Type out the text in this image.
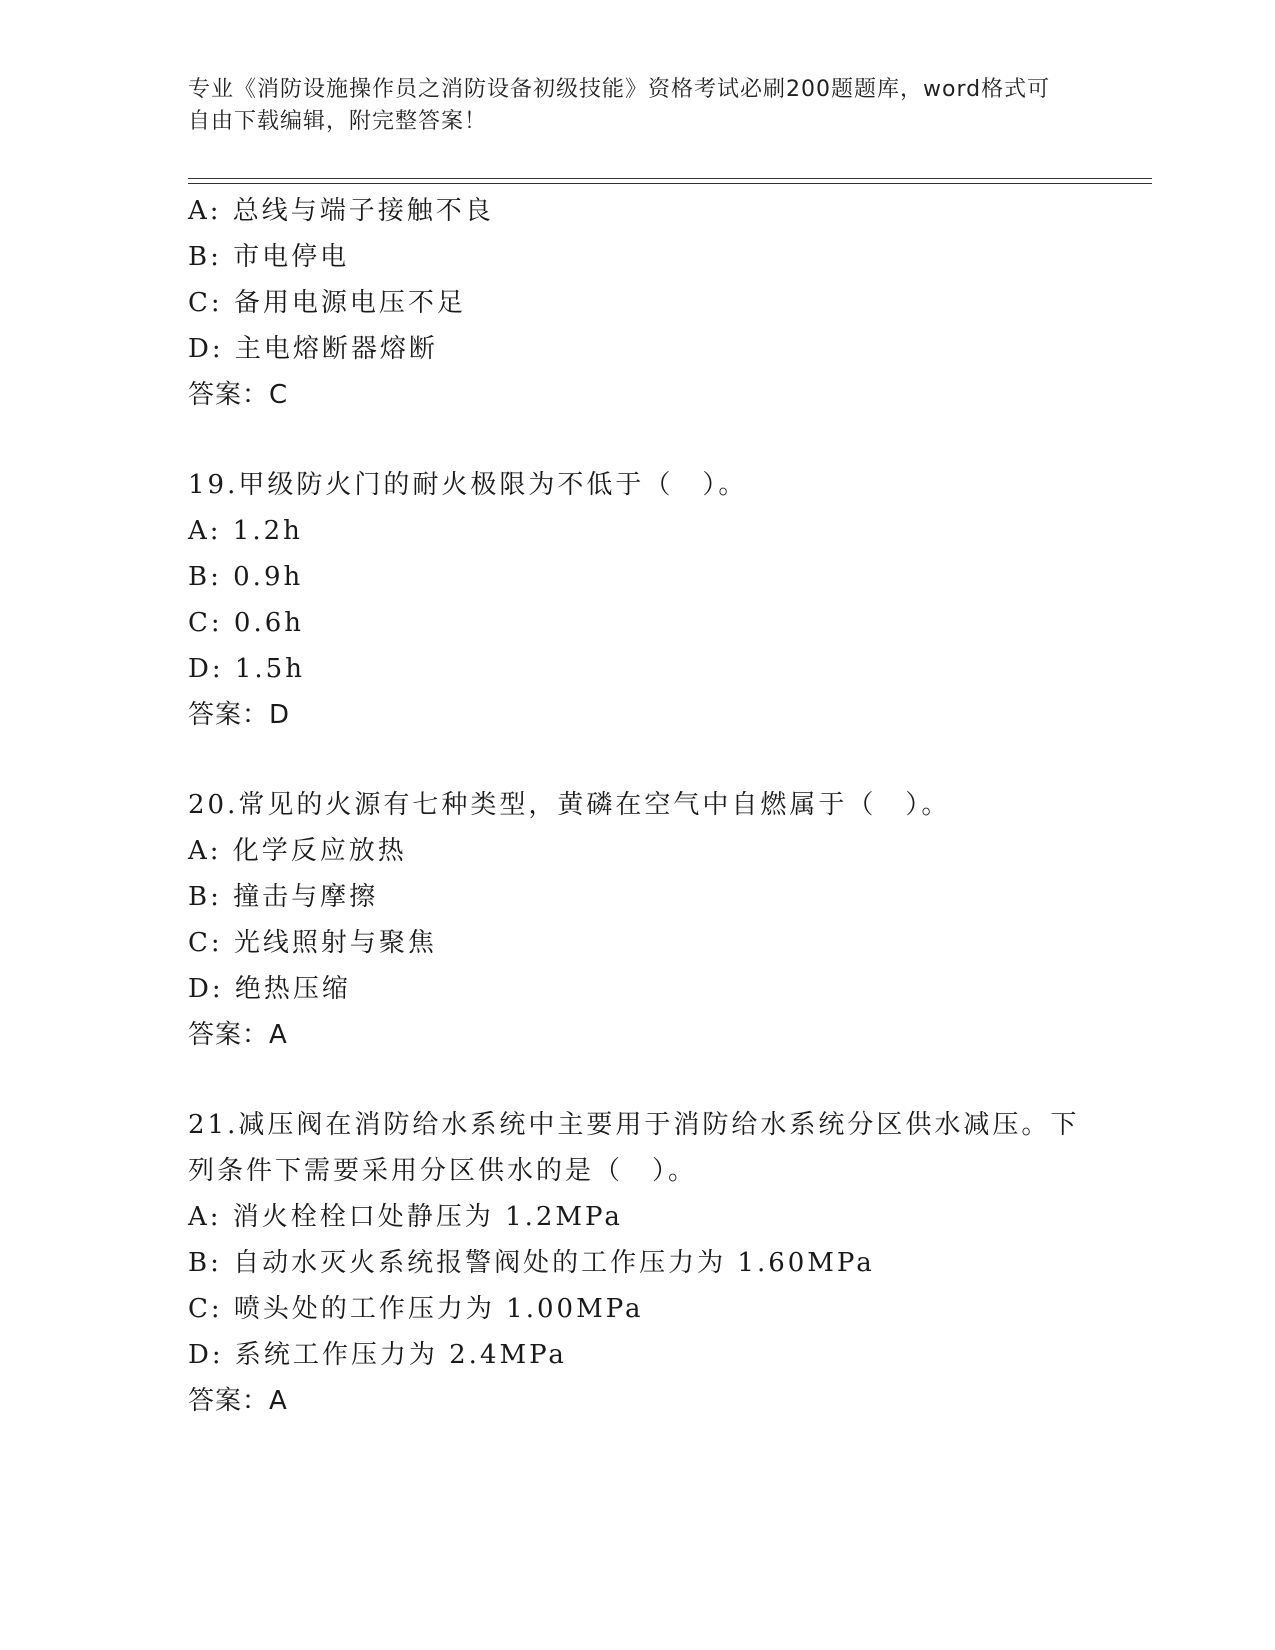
专业《消防设施操作员之消防设备初级技能》资格考试必刷200题题库，word格式可自由下载编辑，附完整答案！
A: 总线与端子接触不良
B: 市电停电
C: 备用电源电压不足
D: 主电熔断器熔断
答案：C
19.甲级防火门的耐火极限为不低于（　）。
A: 1.2h
B: 0.9h
C: 0.6h
D: 1.5h
答案：D
20.常见的火源有七种类型，黄磷在空气中自燃属于（　）。
A: 化学反应放热
B: 撞击与摩擦
C: 光线照射与聚焦
D: 绝热压缩
答案：A
21.减压阀在消防给水系统中主要用于消防给水系统分区供水减压。下
列条件下需要采用分区供水的是（　）。
A: 消火栓栓口处静压为 1.2MPa
B: 自动水灭火系统报警阀处的工作压力为 1.60MPa
C: 喷头处的工作压力为 1.00MPa
D: 系统工作压力为 2.4MPa
答案：A
